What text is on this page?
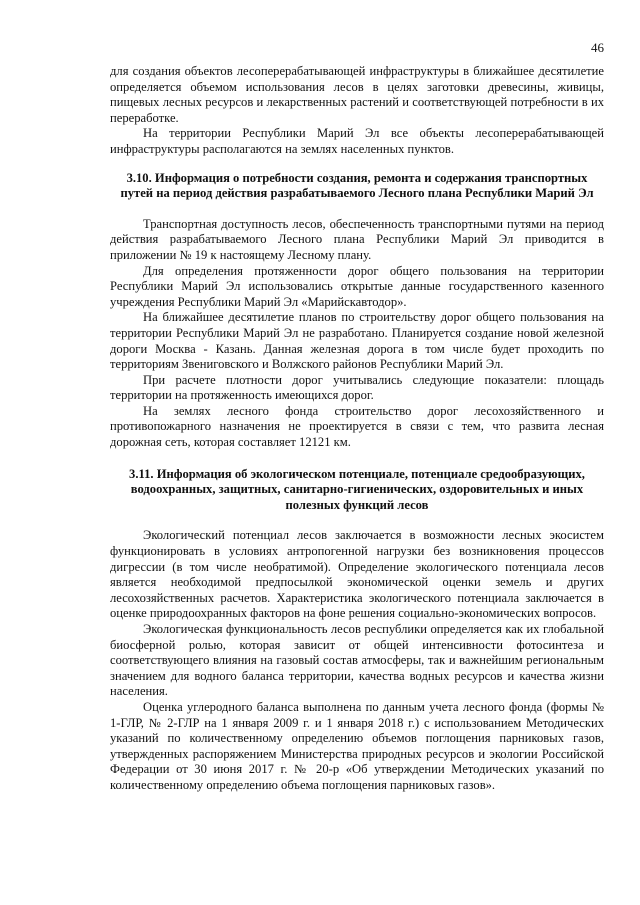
46

для создания объектов лесоперерабатывающей инфраструктуры в ближайшее десятилетие определяется объемом использования лесов в целях заготовки древесины, живицы, пищевых лесных ресурсов и лекарственных растений и соответствующей потребности в их переработке.

На территории Республики Марий Эл все объекты лесоперерабатывающей инфраструктуры располагаются на землях населенных пунктов.

3.10. Информация о потребности создания, ремонта и содержания транспортных путей на период действия разрабатываемого Лесного плана Республики Марий Эл

Транспортная доступность лесов, обеспеченность транспортными путями на период действия разрабатываемого Лесного плана Республики Марий Эл приводится в приложении № 19 к настоящему Лесному плану.

Для определения протяженности дорог общего пользования на территории Республики Марий Эл использовались открытые данные государственного казенного учреждения Республики Марий Эл «Марийскавтодор».

На ближайшее десятилетие планов по строительству дорог общего пользования на территории Республики Марий Эл не разработано. Планируется создание новой железной дороги Москва - Казань. Данная железная дорога в том числе будет проходить по территориям Звениговского и Волжского районов Республики Марий Эл.

При расчете плотности дорог учитывались следующие показатели: площадь территории на протяженность имеющихся дорог.

На землях лесного фонда строительство дорог лесохозяйственного и противопожарного назначения не проектируется в связи с тем, что развита лесная дорожная сеть, которая составляет 12121 км.

3.11. Информация об экологическом потенциале, потенциале средообразующих, водоохранных, защитных, санитарно-гигиенических, оздоровительных и иных полезных функций лесов

Экологический потенциал лесов заключается в возможности лесных экосистем функционировать в условиях антропогенной нагрузки без возникновения процессов дигрессии (в том числе необратимой). Определение экологического потенциала лесов является необходимой предпосылкой экономической оценки земель и других лесохозяйственных расчетов. Характеристика экологического потенциала заключается в оценке природоохранных факторов на фоне решения социально-экономических вопросов.

Экологическая функциональность лесов республики определяется как их глобальной биосферной ролью, которая зависит от общей интенсивности фотосинтеза и соответствующего влияния на газовый состав атмосферы, так и важнейшим региональным значением для водного баланса территории, качества водных ресурсов и качества жизни населения.

Оценка углеродного баланса выполнена по данным учета лесного фонда (формы № 1-ГЛР, № 2-ГЛР на 1 января 2009 г. и 1 января 2018 г.) с использованием Методических указаний по количественному определению объемов поглощения парниковых газов, утвержденных распоряжением Министерства природных ресурсов и экологии Российской Федерации от 30 июня 2017 г. № 20-р «Об утверждении Методических указаний по количественному определению объема поглощения парниковых газов».
